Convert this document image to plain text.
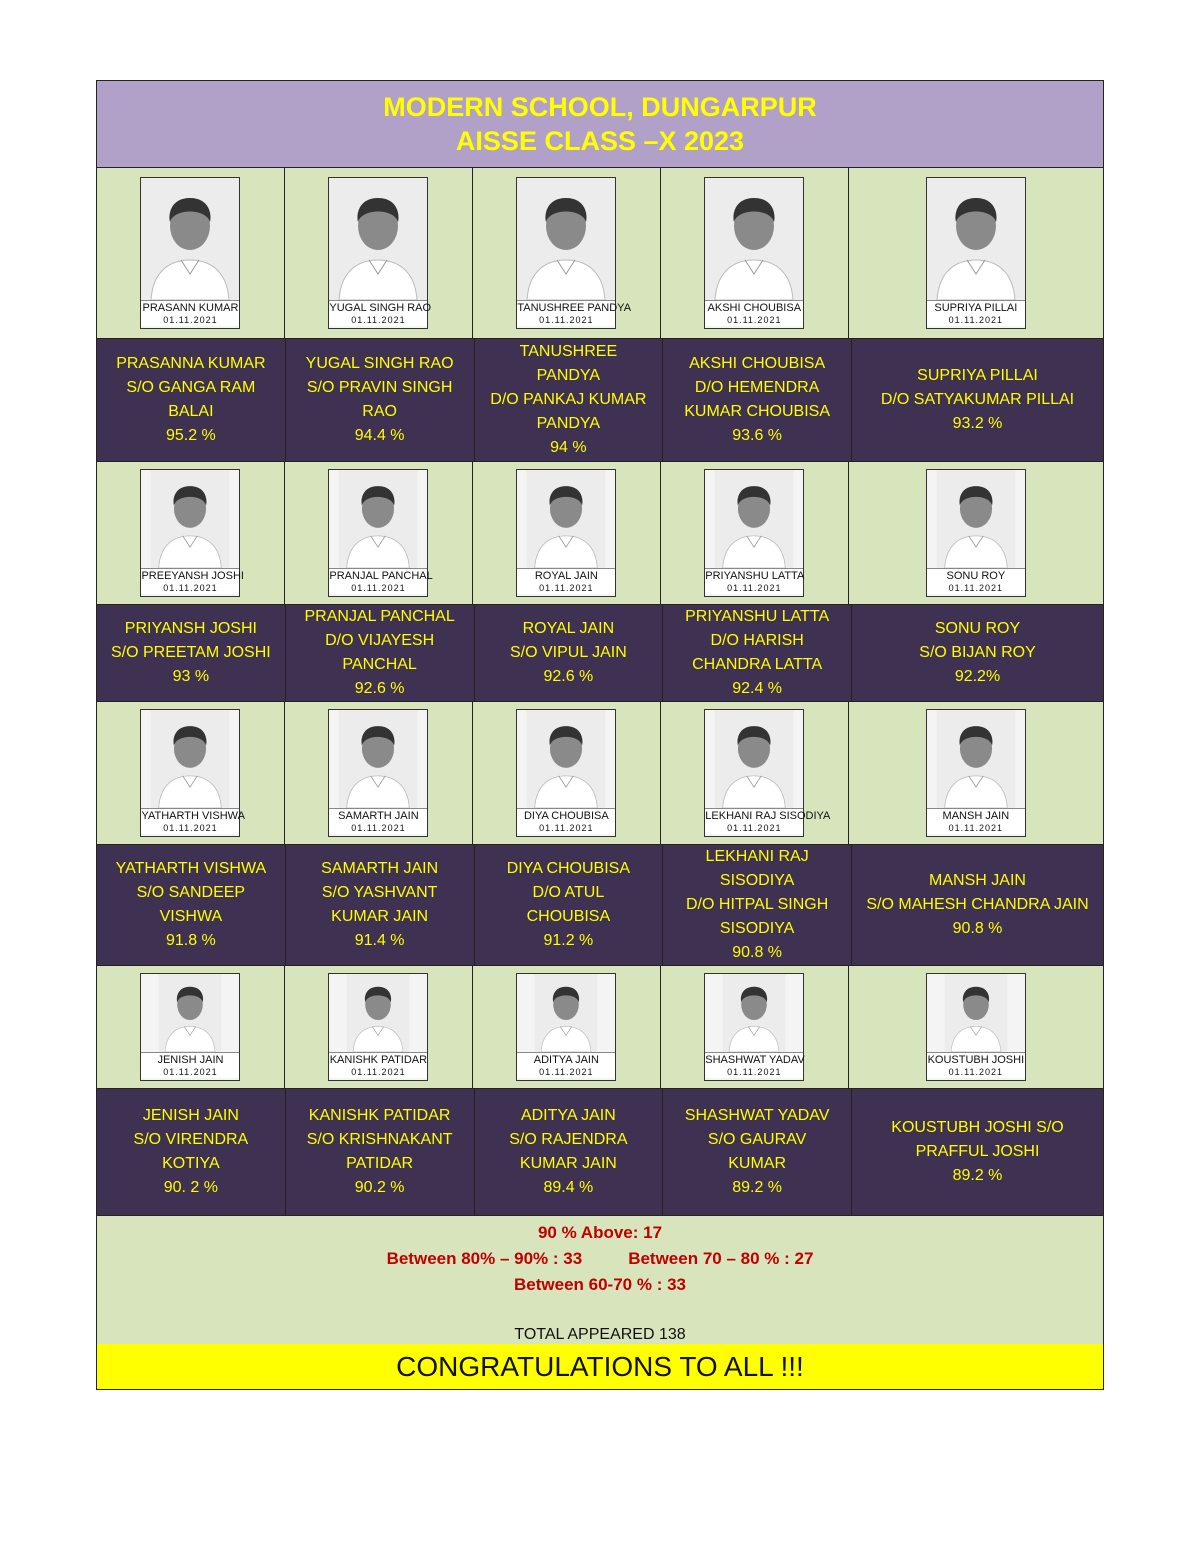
MODERN SCHOOL, DUNGARPUR
AISSE CLASS –X 2023
PRASANN KUMAR
01.11.2021
YUGAL SINGH RAO
01.11.2021
TANUSHREE PANDYA
01.11.2021
AKSHI CHOUBISA
01.11.2021
SUPRIYA PILLAI
01.11.2021
PRASANNA KUMAR
S/O GANGA RAM
BALAI
95.2 %
YUGAL SINGH RAO
S/O PRAVIN SINGH
RAO
94.4 %
TANUSHREE
PANDYA
D/O PANKAJ KUMAR
PANDYA
94 %
AKSHI CHOUBISA
D/O HEMENDRA
KUMAR CHOUBISA
93.6 %
SUPRIYA PILLAI
D/O SATYAKUMAR PILLAI
93.2 %
PREEYANSH JOSHI
01.11.2021
PRANJAL PANCHAL
01.11.2021
ROYAL JAIN
01.11.2021
PRIYANSHU LATTA
01.11.2021
SONU ROY
01.11.2021
PRIYANSH JOSHI
S/O PREETAM JOSHI
93 %
PRANJAL PANCHAL
D/O VIJAYESH
PANCHAL
92.6 %
ROYAL JAIN
S/O VIPUL JAIN
92.6 %
PRIYANSHU LATTA
D/O HARISH
CHANDRA LATTA
92.4 %
SONU ROY
S/O BIJAN ROY
92.2%
YATHARTH VISHWA
01.11.2021
SAMARTH JAIN
01.11.2021
DIYA CHOUBISA
01.11.2021
LEKHANI RAJ SISODIYA
01.11.2021
MANSH JAIN
01.11.2021
YATHARTH VISHWA
S/O SANDEEP
VISHWA
91.8 %
SAMARTH JAIN
S/O YASHVANT
KUMAR JAIN
91.4 %
DIYA CHOUBISA
D/O ATUL
CHOUBISA
91.2 %
LEKHANI RAJ
SISODIYA
D/O HITPAL SINGH
SISODIYA
90.8 %
MANSH JAIN
S/O MAHESH CHANDRA JAIN
90.8 %
JENISH JAIN
01.11.2021
KANISHK PATIDAR
01.11.2021
ADITYA JAIN
01.11.2021
SHASHWAT YADAV
01.11.2021
KOUSTUBH JOSHI
01.11.2021
JENISH JAIN
S/O VIRENDRA
KOTIYA
90. 2 %
KANISHK PATIDAR
S/O KRISHNAKANT
PATIDAR
90.2 %
ADITYA JAIN
S/O RAJENDRA
KUMAR JAIN
89.4 %
SHASHWAT YADAV
S/O GAURAV
KUMAR
89.2 %
KOUSTUBH JOSHI S/O
PRAFFUL JOSHI
89.2 %
90 % Above: 17
Between 80% – 90% : 33	Between 70 – 80 % : 27
Between 60-70 % : 33
TOTAL APPEARED 138
CONGRATULATIONS TO ALL !!!
